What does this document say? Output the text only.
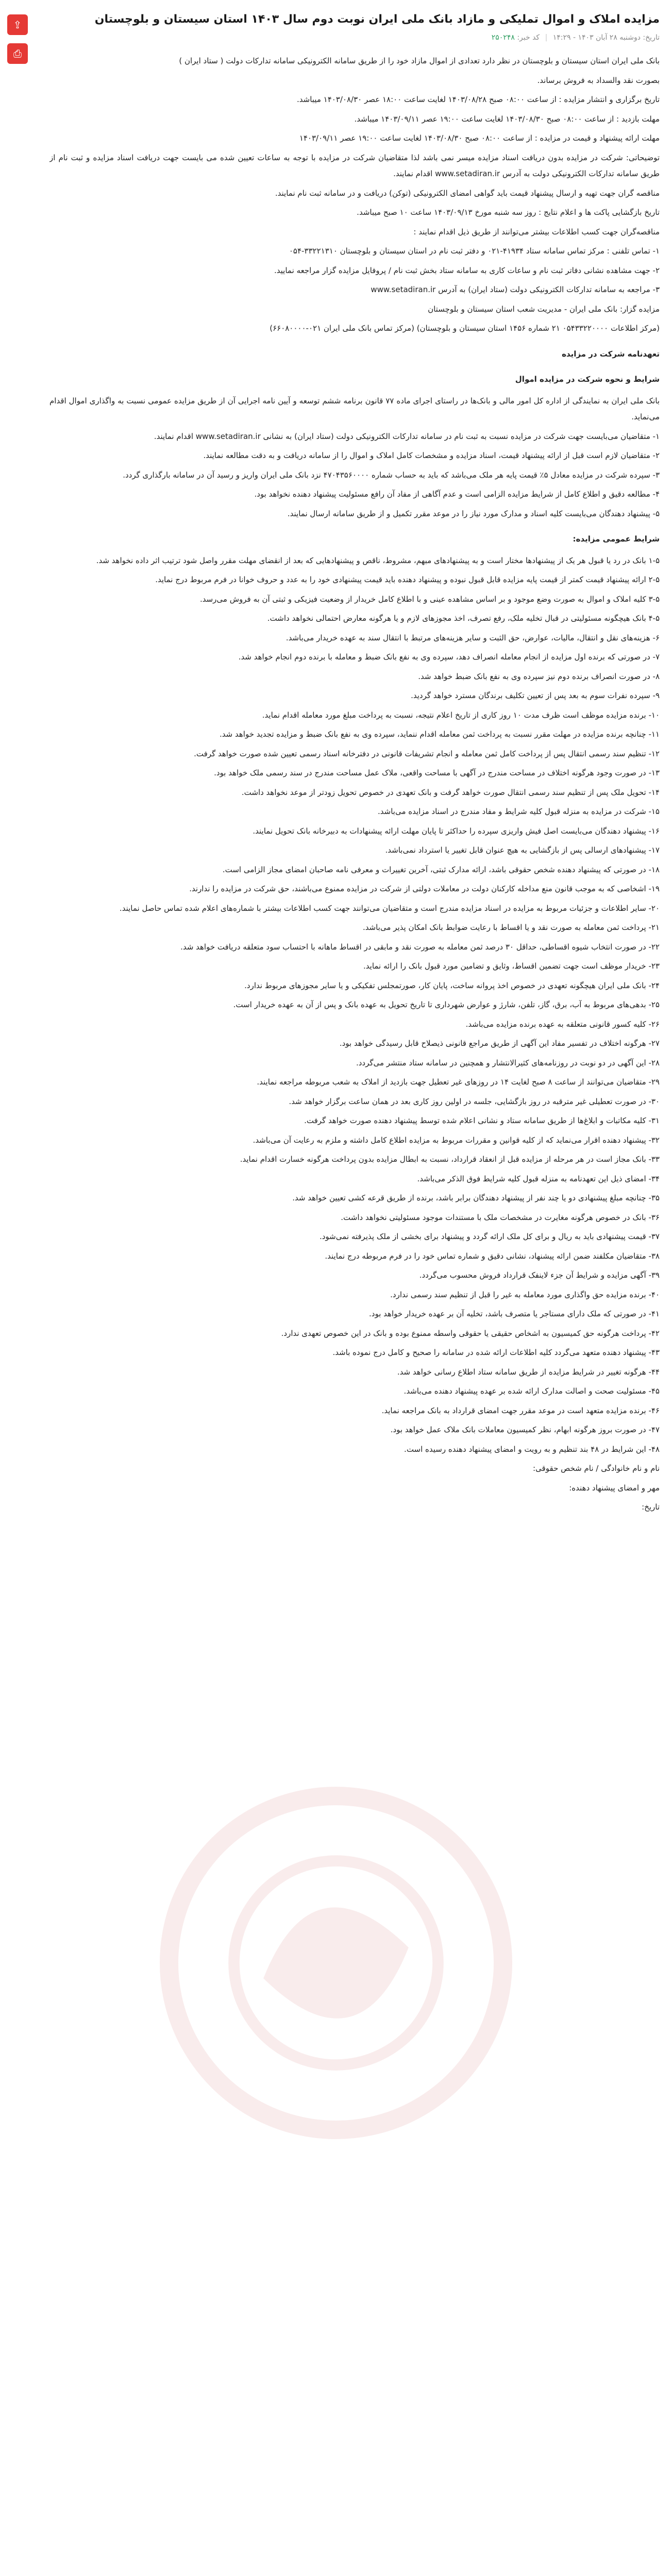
⇪
⎙
مزایده املاک و اموال تملیکی و مازاد بانک ملی ایران نوبت دوم سال ۱۴۰۳ استان سیستان و بلوچستان
تاریخ: دوشنبه ۲۸ آبان ۱۴۰۳ - ۱۴:۲۹ | کد خبر: ۲۵۰۲۴۸

بانک ملی ایران استان سیستان و بلوچستان در نظر دارد تعدادی از اموال مازاد خود را از طریق سامانه الکترونیکی سامانه تدارکات دولت ( ستاد ایران )

بصورت نقد والسداد به فروش برساند.

تاریخ برگزاری و انتشار مزایده : از ساعت ۰۸:۰۰ صبح ۱۴۰۳/۰۸/۲۸ لغایت ساعت ۱۸:۰۰ عصر ۱۴۰۳/۰۸/۳۰ میباشد.

مهلت بازدید : از ساعت ۰۸:۰۰ صبح ۱۴۰۳/۰۸/۳۰ لغایت ساعت ۱۹:۰۰ عصر ۱۴۰۳/۰۹/۱۱ میباشد.

مهلت ارائه پیشنهاد و قیمت در مزایده : از ساعت ۰۸:۰۰ صبح ۱۴۰۳/۰۸/۳۰ لغایت ساعت ۱۹:۰۰ عصر ۱۴۰۳/۰۹/۱۱

توضیحاتی: شرکت در مزایده بدون دریافت اسناد مزایده میسر نمی باشد لذا متقاضیان شرکت در مزایده با توجه به ساعات تعیین شده می بایست جهت دریافت اسناد مزایده و ثبت نام از طریق سامانه تدارکات الکترونیکی دولت به آدرس www.setadiran.ir اقدام نمایند.

مناقصه گران جهت تهیه و ارسال پیشنهاد قیمت باید گواهی امضای الکترونیکی (توکن) دریافت و در سامانه ثبت نام نمایند.

تاریخ بازگشایی پاکت ها و اعلام نتایج : روز سه شنبه مورخ ۱۴۰۳/۰۹/۱۳ ساعت ۱۰ صبح میباشد.

مناقصه‌گران جهت کسب اطلاعات بیشتر می‌توانند از طریق ذیل اقدام نمایند :

۱- تماس تلفنی : مرکز تماس سامانه ستاد ۴۱۹۳۴-۰۲۱ و دفتر ثبت نام در استان سیستان و بلوچستان ۳۳۲۲۱۳۱۰-۰۵۴

۲- جهت مشاهده نشانی دفاتر ثبت نام و ساعات کاری به سامانه ستاد بخش ثبت نام / پروفایل مزایده گزار مراجعه نمایید.

۳- مراجعه به سامانه تدارکات الکترونیکی دولت (ستاد ایران) به آدرس www.setadiran.ir

مزایده گزار: بانک ملی ایران - مدیریت شعب استان سیستان و بلوچستان

(مرکز اطلاعات ۰۵۴۳۳۲۲۰۰۰۰ ۲۱ شماره ۱۴۵۶ استان سیستان و بلوچستان) (مرکز تماس بانک ملی ایران ۰۲۱-۶۶۰۸۰۰۰۰)

تعهدنامه شرکت در مزایده

شرایط و نحوه شرکت در مزایده اموال

بانک ملی ایران به نمایندگی از اداره کل امور مالی و بانک‌ها در راستای اجرای ماده ۷۷ قانون برنامه ششم توسعه و آیین نامه اجرایی آن از طریق مزایده عمومی نسبت به واگذاری اموال اقدام می‌نماید.

۱- متقاضیان می‌بایست جهت شرکت در مزایده نسبت به ثبت نام در سامانه تدارکات الکترونیکی دولت (ستاد ایران) به نشانی www.setadiran.ir اقدام نمایند.

۲- متقاضیان لازم است قبل از ارائه پیشنهاد قیمت، اسناد مزایده و مشخصات کامل املاک و اموال را از سامانه دریافت و به دقت مطالعه نمایند.

۳- سپرده شرکت در مزایده معادل ۵٪ قیمت پایه هر ملک می‌باشد که باید به حساب شماره ۴۷۰۴۳۵۶۰۰۰۰ نزد بانک ملی ایران واریز و رسید آن در سامانه بارگذاری گردد.

۴- مطالعه دقیق و اطلاع کامل از شرایط مزایده الزامی است و عدم آگاهی از مفاد آن رافع مسئولیت پیشنهاد دهنده نخواهد بود.

۵- پیشنهاد دهندگان می‌بایست کلیه اسناد و مدارک مورد نیاز را در موعد مقرر تکمیل و از طریق سامانه ارسال نمایند.

شرایط عمومی مزایده:

۱-۵ بانک در رد یا قبول هر یک از پیشنهادها مختار است و به پیشنهادهای مبهم، مشروط، ناقص و پیشنهادهایی که بعد از انقضای مهلت مقرر واصل شود ترتیب اثر داده نخواهد شد.

۲-۵ ارائه پیشنهاد قیمت کمتر از قیمت پایه مزایده قابل قبول نبوده و پیشنهاد دهنده باید قیمت پیشنهادی خود را به عدد و حروف خوانا در فرم مربوط درج نماید.

۳-۵ کلیه املاک و اموال به صورت وضع موجود و بر اساس مشاهده عینی و با اطلاع کامل خریدار از وضعیت فیزیکی و ثبتی آن به فروش می‌رسد.

۴-۵ بانک هیچگونه مسئولیتی در قبال تخلیه ملک، رفع تصرف، اخذ مجوزهای لازم و یا هرگونه معارض احتمالی نخواهد داشت.

۶- هزینه‌های نقل و انتقال، مالیات، عوارض، حق الثبت و سایر هزینه‌های مرتبط با انتقال سند به عهده خریدار می‌باشد.

۷- در صورتی که برنده اول مزایده از انجام معامله انصراف دهد، سپرده وی به نفع بانک ضبط و معامله با برنده دوم انجام خواهد شد.

۸- در صورت انصراف برنده دوم نیز سپرده وی به نفع بانک ضبط خواهد شد.

۹- سپرده نفرات سوم به بعد پس از تعیین تکلیف برندگان مسترد خواهد گردید.

۱۰- برنده مزایده موظف است ظرف مدت ۱۰ روز کاری از تاریخ اعلام نتیجه، نسبت به پرداخت مبلغ مورد معامله اقدام نماید.

۱۱- چنانچه برنده مزایده در مهلت مقرر نسبت به پرداخت ثمن معامله اقدام ننماید، سپرده وی به نفع بانک ضبط و مزایده تجدید خواهد شد.

۱۲- تنظیم سند رسمی انتقال پس از پرداخت کامل ثمن معامله و انجام تشریفات قانونی در دفترخانه اسناد رسمی تعیین شده صورت خواهد گرفت.

۱۳- در صورت وجود هرگونه اختلاف در مساحت مندرج در آگهی با مساحت واقعی، ملاک عمل مساحت مندرج در سند رسمی ملک خواهد بود.

۱۴- تحویل ملک پس از تنظیم سند رسمی انتقال صورت خواهد گرفت و بانک تعهدی در خصوص تحویل زودتر از موعد نخواهد داشت.

۱۵- شرکت در مزایده به منزله قبول کلیه شرایط و مفاد مندرج در اسناد مزایده می‌باشد.

۱۶- پیشنهاد دهندگان می‌بایست اصل فیش واریزی سپرده را حداکثر تا پایان مهلت ارائه پیشنهادات به دبیرخانه بانک تحویل نمایند.

۱۷- پیشنهادهای ارسالی پس از بازگشایی به هیچ عنوان قابل تغییر یا استرداد نمی‌باشد.

۱۸- در صورتی که پیشنهاد دهنده شخص حقوقی باشد، ارائه مدارک ثبتی، آخرین تغییرات و معرفی نامه صاحبان امضای مجاز الزامی است.

۱۹- اشخاصی که به موجب قانون منع مداخله کارکنان دولت در معاملات دولتی از شرکت در مزایده ممنوع می‌باشند، حق شرکت در مزایده را ندارند.

۲۰- سایر اطلاعات و جزئیات مربوط به مزایده در اسناد مزایده مندرج است و متقاضیان می‌توانند جهت کسب اطلاعات بیشتر با شماره‌های اعلام شده تماس حاصل نمایند.

۲۱- پرداخت ثمن معامله به صورت نقد و یا اقساط با رعایت ضوابط بانک امکان پذیر می‌باشد.

۲۲- در صورت انتخاب شیوه اقساطی، حداقل ۳۰ درصد ثمن معامله به صورت نقد و مابقی در اقساط ماهانه با احتساب سود متعلقه دریافت خواهد شد.

۲۳- خریدار موظف است جهت تضمین اقساط، وثایق و تضامین مورد قبول بانک را ارائه نماید.

۲۴- بانک ملی ایران هیچگونه تعهدی در خصوص اخذ پروانه ساخت، پایان کار، صورتمجلس تفکیکی و یا سایر مجوزهای مربوط ندارد.

۲۵- بدهی‌های مربوط به آب، برق، گاز، تلفن، شارژ و عوارض شهرداری تا تاریخ تحویل به عهده بانک و پس از آن به عهده خریدار است.

۲۶- کلیه کسور قانونی متعلقه به عهده برنده مزایده می‌باشد.

۲۷- هرگونه اختلاف در تفسیر مفاد این آگهی از طریق مراجع قانونی ذیصلاح قابل رسیدگی خواهد بود.

۲۸- این آگهی در دو نوبت در روزنامه‌های کثیرالانتشار و همچنین در سامانه ستاد منتشر می‌گردد.

۲۹- متقاضیان می‌توانند از ساعت ۸ صبح لغایت ۱۴ در روزهای غیر تعطیل جهت بازدید از املاک به شعب مربوطه مراجعه نمایند.

۳۰- در صورت تعطیلی غیر مترقبه در روز بازگشایی، جلسه در اولین روز کاری بعد در همان ساعت برگزار خواهد شد.

۳۱- کلیه مکاتبات و ابلاغ‌ها از طریق سامانه ستاد و نشانی اعلام شده توسط پیشنهاد دهنده صورت خواهد گرفت.

۳۲- پیشنهاد دهنده اقرار می‌نماید که از کلیه قوانین و مقررات مربوط به مزایده اطلاع کامل داشته و ملزم به رعایت آن می‌باشد.

۳۳- بانک مجاز است در هر مرحله از مزایده قبل از انعقاد قرارداد، نسبت به ابطال مزایده بدون پرداخت هرگونه خسارت اقدام نماید.

۳۴- امضای ذیل این تعهدنامه به منزله قبول کلیه شرایط فوق الذکر می‌باشد.

۳۵- چنانچه مبلغ پیشنهادی دو یا چند نفر از پیشنهاد دهندگان برابر باشد، برنده از طریق قرعه کشی تعیین خواهد شد.

۳۶- بانک در خصوص هرگونه مغایرت در مشخصات ملک با مستندات موجود مسئولیتی نخواهد داشت.

۳۷- قیمت پیشنهادی باید به ریال و برای کل ملک ارائه گردد و پیشنهاد برای بخشی از ملک پذیرفته نمی‌شود.

۳۸- متقاضیان مکلفند ضمن ارائه پیشنهاد، نشانی دقیق و شماره تماس خود را در فرم مربوطه درج نمایند.

۳۹- آگهی مزایده و شرایط آن جزء لاینفک قرارداد فروش محسوب می‌گردد.

۴۰- برنده مزایده حق واگذاری مورد معامله به غیر را قبل از تنظیم سند رسمی ندارد.

۴۱- در صورتی که ملک دارای مستاجر یا متصرف باشد، تخلیه آن بر عهده خریدار خواهد بود.

۴۲- پرداخت هرگونه حق کمیسیون به اشخاص حقیقی یا حقوقی واسطه ممنوع بوده و بانک در این خصوص تعهدی ندارد.

۴۳- پیشنهاد دهنده متعهد می‌گردد کلیه اطلاعات ارائه شده در سامانه را صحیح و کامل درج نموده باشد.

۴۴- هرگونه تغییر در شرایط مزایده از طریق سامانه ستاد اطلاع رسانی خواهد شد.

۴۵- مسئولیت صحت و اصالت مدارک ارائه شده بر عهده پیشنهاد دهنده می‌باشد.

۴۶- برنده مزایده متعهد است در موعد مقرر جهت امضای قرارداد به بانک مراجعه نماید.

۴۷- در صورت بروز هرگونه ابهام، نظر کمیسیون معاملات بانک ملاک عمل خواهد بود.

۴۸- این شرایط در ۴۸ بند تنظیم و به رویت و امضای پیشنهاد دهنده رسیده است.

نام و نام خانوادگی / نام شخص حقوقی:

مهر و امضای پیشنهاد دهنده:

تاریخ:
